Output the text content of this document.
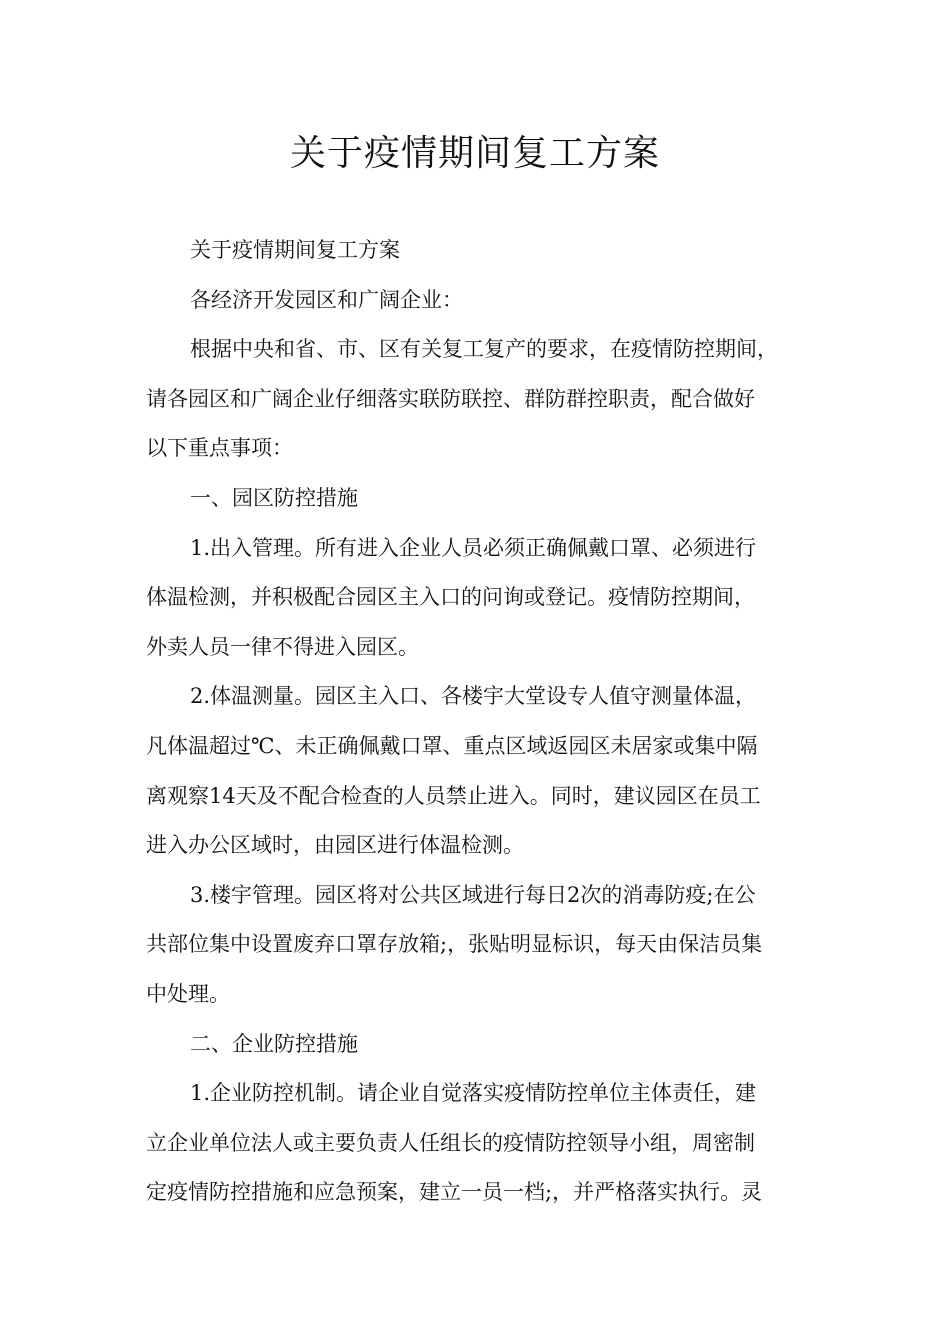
关于疫情期间复工方案
关于疫情期间复工方案
各经济开发园区和广阔企业：
根据中央和省、市、区有关复工复产的要求，在疫情防控期间，
请各园区和广阔企业仔细落实联防联控、群防群控职责，配合做好
以下重点事项：
一、园区防控措施
1.出入管理。所有进入企业人员必须正确佩戴口罩、必须进行
体温检测，并积极配合园区主入口的问询或登记。疫情防控期间，
外卖人员一律不得进入园区。
2.体温测量。园区主入口、各楼宇大堂设专人值守测量体温，
凡体温超过℃、未正确佩戴口罩、重点区域返园区未居家或集中隔
离观察14天及不配合检查的人员禁止进入。同时，建议园区在员工
进入办公区域时，由园区进行体温检测。
3.楼宇管理。园区将对公共区域进行每日2次的消毒防疫;在公
共部位集中设置废弃口罩存放箱;，张贴明显标识，每天由保洁员集
中处理。
二、企业防控措施
1.企业防控机制。请企业自觉落实疫情防控单位主体责任，建
立企业单位法人或主要负责人任组长的疫情防控领导小组，周密制
定疫情防控措施和应急预案，建立一员一档;，并严格落实执行。灵
